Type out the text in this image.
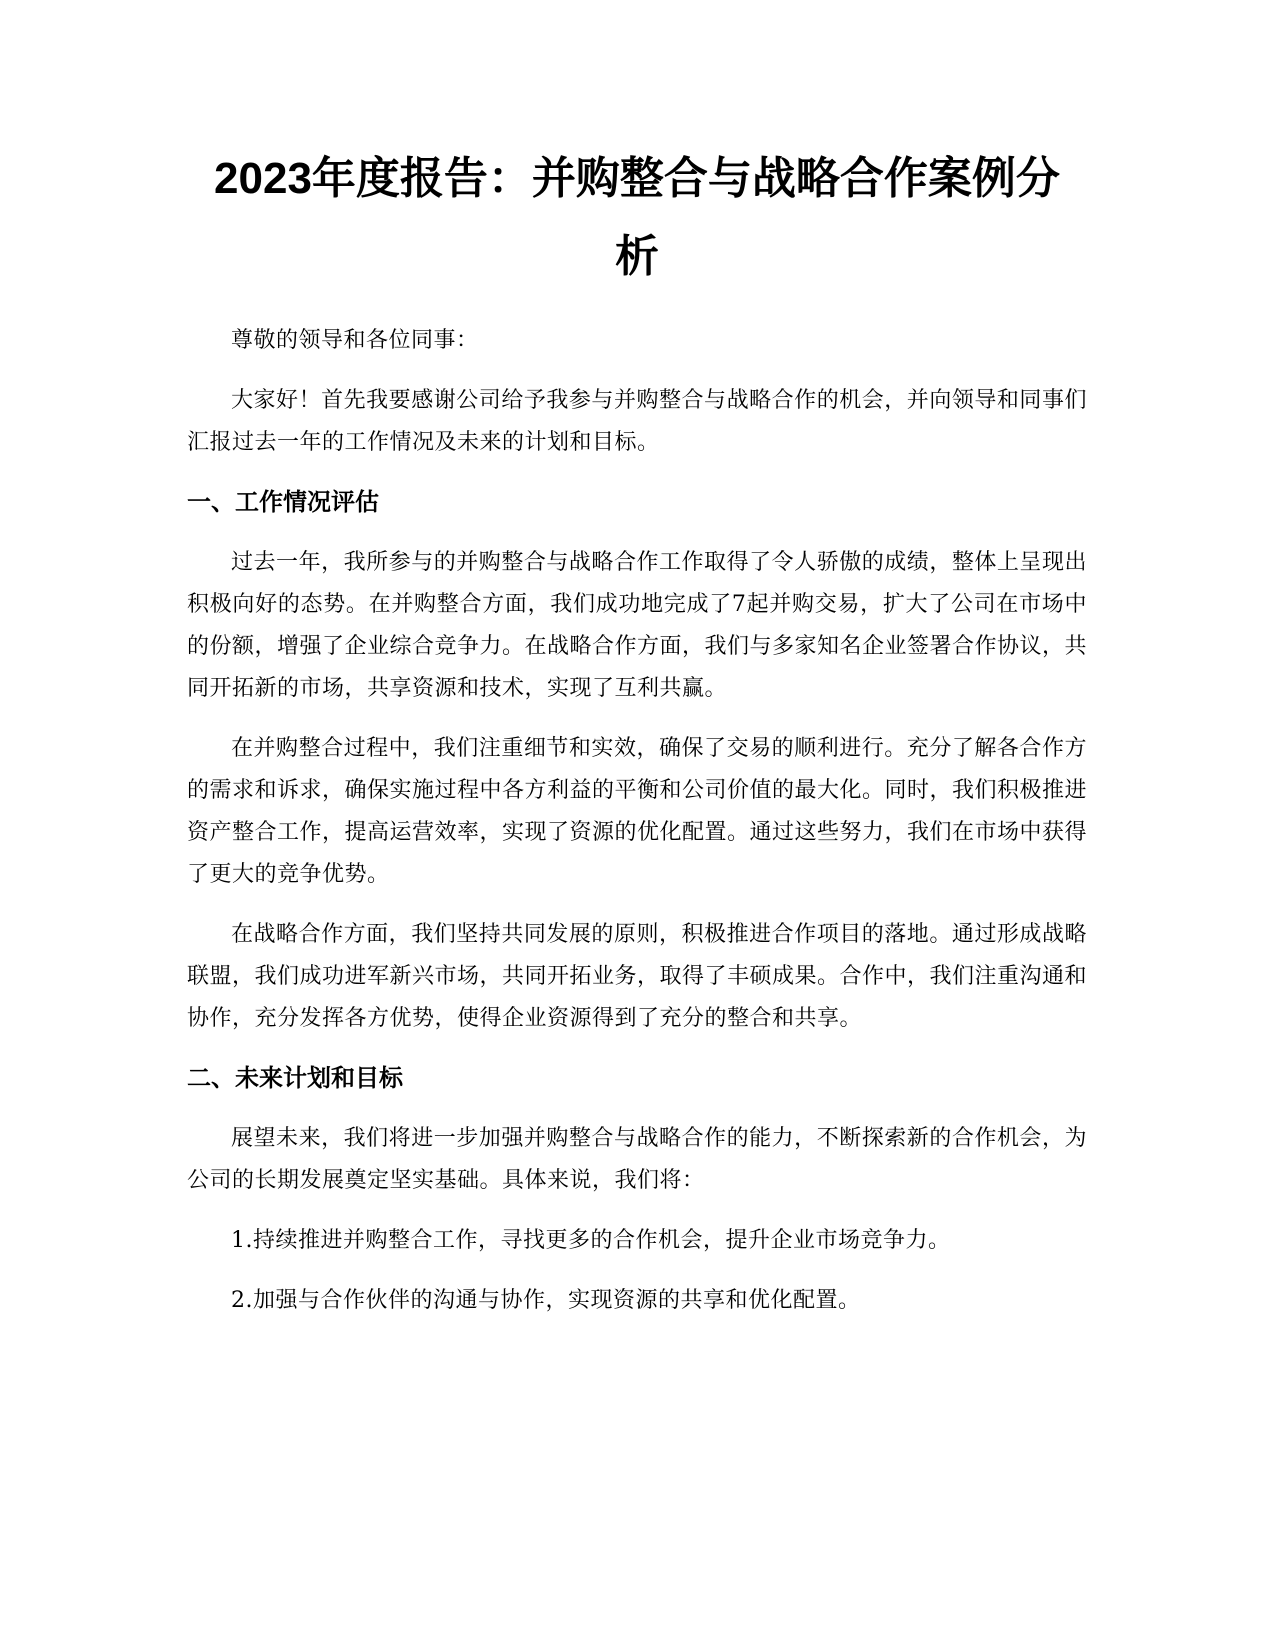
2023年度报告：并购整合与战略合作案例分析

尊敬的领导和各位同事：

大家好！首先我要感谢公司给予我参与并购整合与战略合作的机会，并向领导和同事们汇报过去一年的工作情况及未来的计划和目标。

一、工作情况评估

过去一年，我所参与的并购整合与战略合作工作取得了令人骄傲的成绩，整体上呈现出积极向好的态势。在并购整合方面，我们成功地完成了7起并购交易，扩大了公司在市场中的份额，增强了企业综合竞争力。在战略合作方面，我们与多家知名企业签署合作协议，共同开拓新的市场，共享资源和技术，实现了互利共赢。

在并购整合过程中，我们注重细节和实效，确保了交易的顺利进行。充分了解各合作方的需求和诉求，确保实施过程中各方利益的平衡和公司价值的最大化。同时，我们积极推进资产整合工作，提高运营效率，实现了资源的优化配置。通过这些努力，我们在市场中获得了更大的竞争优势。

在战略合作方面，我们坚持共同发展的原则，积极推进合作项目的落地。通过形成战略联盟，我们成功进军新兴市场，共同开拓业务，取得了丰硕成果。合作中，我们注重沟通和协作，充分发挥各方优势，使得企业资源得到了充分的整合和共享。

二、未来计划和目标

展望未来，我们将进一步加强并购整合与战略合作的能力，不断探索新的合作机会，为公司的长期发展奠定坚实基础。具体来说，我们将：

1.持续推进并购整合工作，寻找更多的合作机会，提升企业市场竞争力。

2.加强与合作伙伴的沟通与协作，实现资源的共享和优化配置。
